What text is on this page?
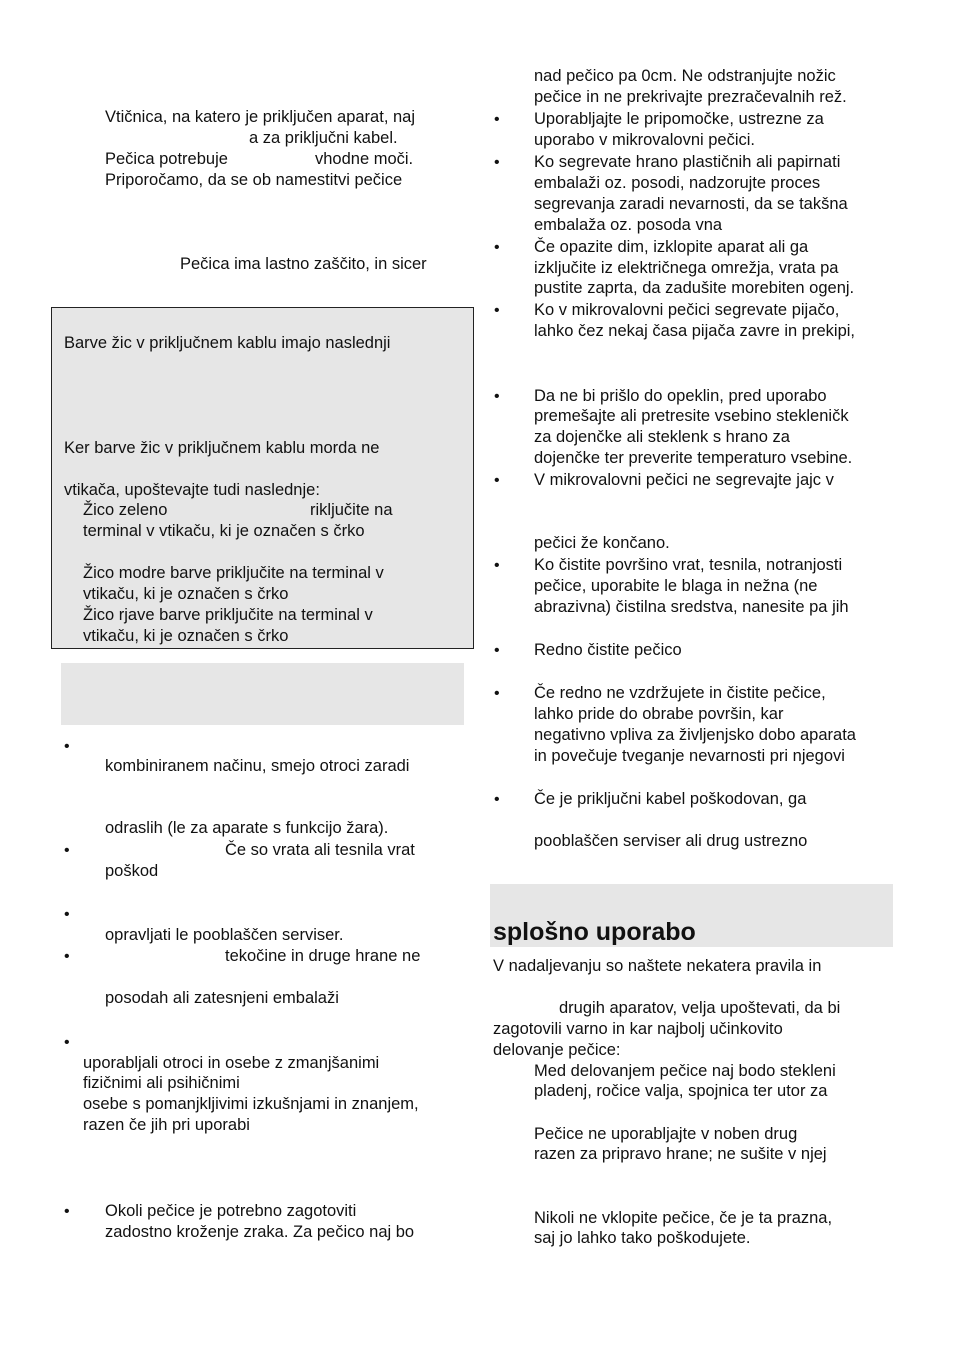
Vtičnica, na katero je priključen aparat, naj
a za priključni kabel.
Pečica potrebuje	vhodne moči.
Priporočamo, da se ob namestitvi pečice
Pečica ima lastno zaščito, in sicer
Barve žic v priključnem kablu imajo naslednji
Ker barve žic v priključnem kablu morda ne
vtikača, upoštevajte tudi naslednje:
Žico zeleno	riključite na
terminal v vtikaču, ki je označen s črko
Žico modre barve priključite na terminal v
vtikaču, ki je označen s črko
Žico rjave barve priključite na terminal v
vtikaču, ki je označen s črko
•
kombiniranem načinu, smejo otroci zaradi
odraslih (le za aparate s funkcijo žara).
•	Če so vrata ali tesnila vrat
poškod
•
opravljati le pooblaščen serviser.
•	tekočine in druge hrane ne
posodah ali zatesnjeni embalaži
•
uporabljali otroci in osebe z zmanjšanimi
fizičnimi ali psihičnimi
osebe s pomanjkljivimi izkušnjami in znanjem,
razen če jih pri uporabi
• Okoli pečice je potrebno zagotoviti
zadostno kroženje zraka. Za pečico naj bo
nad pečico pa 0cm. Ne odstranjujte nožic
pečice in ne prekrivajte prezračevalnih rež.
• Uporabljajte le pripomočke, ustrezne za
uporabo v mikrovalovni pečici.
• Ko segrevate hrano plastičnih ali papirnati
embalaži oz. posodi, nadzorujte proces
segrevanja zaradi nevarnosti, da se takšna
embalaža oz. posoda vna
• Če opazite dim, izklopite aparat ali ga
izključite iz električnega omrežja, vrata pa
pustite zaprta, da zadušite morebiten ogenj.
• Ko v mikrovalovni pečici segrevate pijačo,
lahko čez nekaj časa pijača zavre in prekipi,
• Da ne bi prišlo do opeklin, pred uporabo
premešajte ali pretresite vsebino stekleničk
za dojenčke ali steklenk s hrano za
dojenčke ter preverite temperaturo vsebine.
• V mikrovalovni pečici ne segrevajte jajc v
pečici že končano.
• Ko čistite površino vrat, tesnila, notranjosti
pečice, uporabite le blaga in nežna (ne
abrazivna) čistilna sredstva, nanesite pa jih
• Redno čistite pečico
• Če redno ne vzdržujete in čistite pečice,
lahko pride do obrabe površin, kar
negativno vpliva za življenjsko dobo aparata
in povečuje tveganje nevarnosti pri njegovi
• Če je priključni kabel poškodovan, ga
pooblaščen serviser ali drug ustrezno
splošno uporabo
V nadaljevanju so naštete nekatera pravila in
drugih aparatov, velja upoštevati, da bi
zagotovili varno in kar najbolj učinkovito
delovanje pečice:
Med delovanjem pečice naj bodo stekleni
pladenj, ročice valja, spojnica ter utor za
Pečice ne uporabljajte v noben drug
razen za pripravo hrane; ne sušite v njej
Nikoli ne vklopite pečice, če je ta prazna,
saj jo lahko tako poškodujete.
